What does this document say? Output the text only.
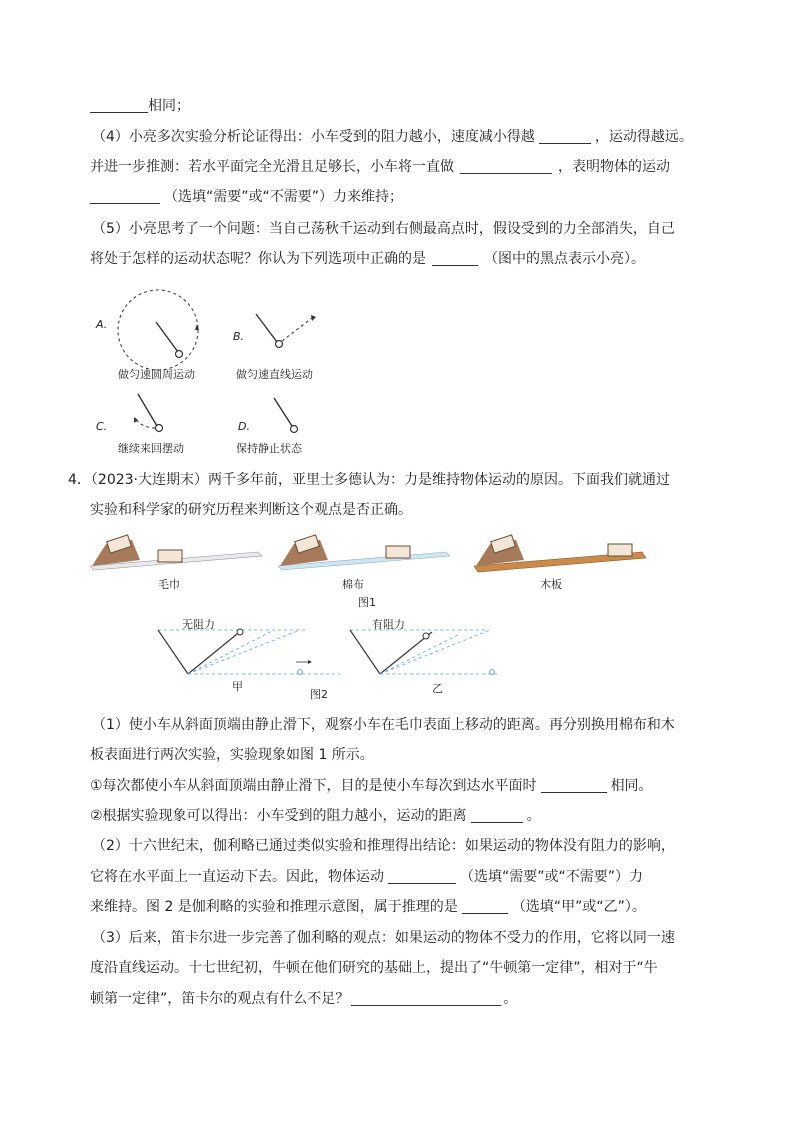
相同；
（4）小亮多次实验分析论证得出：小车受到的阻力越小，速度减小得越	，运动得越远。
并进一步推测：若水平面完全光滑且足够长，小车将一直做	，表明物体的运动
（选填“需要”或“不需要”）力来维持；
（5）小亮思考了一个问题：当自己荡秋千运动到右侧最高点时，假设受到的力全部消失，自己
将处于怎样的运动状态呢？你认为下列选项中正确的是	（图中的黑点表示小亮）。
A.
做匀速圆周运动
B.
做匀速直线运动
C.
继续来回摆动
D.
保持静止状态
4．（2023·大连期末）两千多年前，亚里士多德认为：力是维持物体运动的原因。下面我们就通过
实验和科学家的研究历程来判断这个观点是否正确。
毛巾	棉布	木板
图1
无阻力	有阻力
甲	乙
图2
（1）使小车从斜面顶端由静止滑下，观察小车在毛巾表面上移动的距离。再分别换用棉布和木
板表面进行两次实验，实验现象如图 1 所示。
①每次都使小车从斜面顶端由静止滑下，目的是使小车每次到达水平面时	相同。
②根据实验现象可以得出：小车受到的阻力越小，运动的距离	。
（2）十六世纪末，伽利略已通过类似实验和推理得出结论：如果运动的物体没有阻力的影响，
它将在水平面上一直运动下去。因此，物体运动	（选填“需要”或“不需要”）力
来维持。图 2 是伽利略的实验和推理示意图，属于推理的是	（选填“甲”或“乙”）。
（3）后来，笛卡尔进一步完善了伽利略的观点：如果运动的物体不受力的作用，它将以同一速
度沿直线运动。十七世纪初，牛顿在他们研究的基础上，提出了“牛顿第一定律”，相对于“牛
顿第一定律”，笛卡尔的观点有什么不足？	。
